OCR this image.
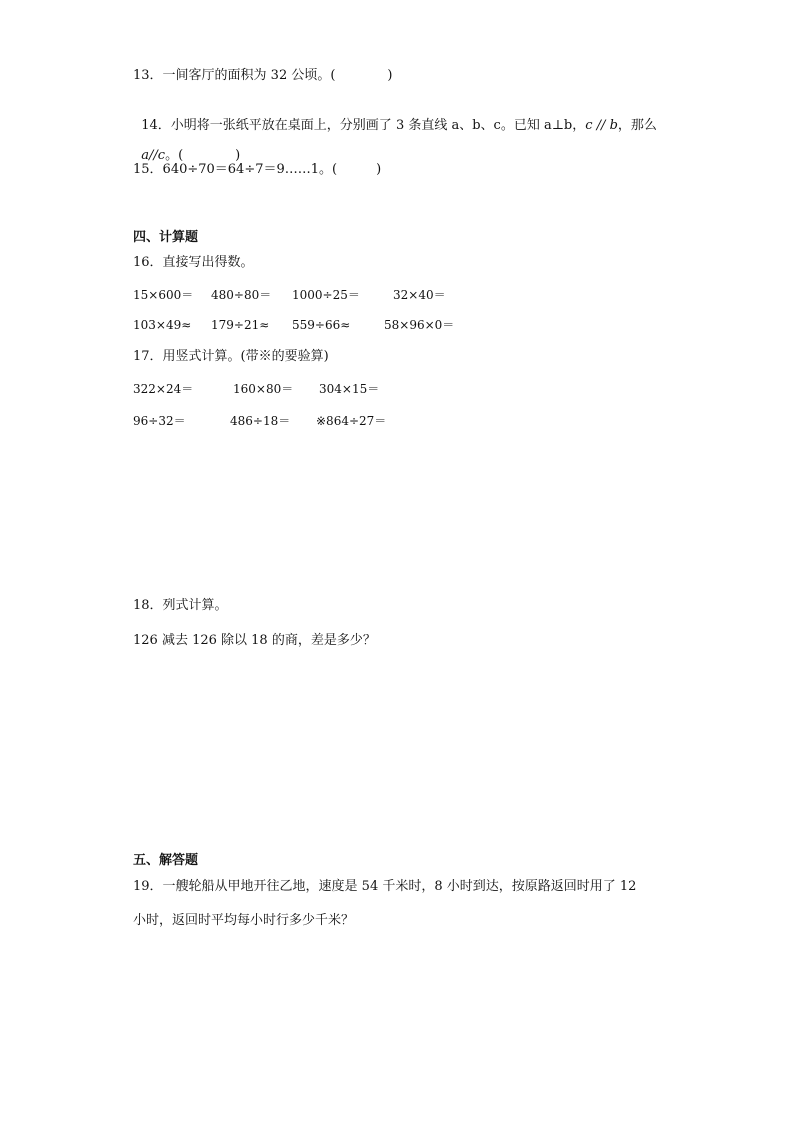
13．一间客厅的面积为 32 公顷。(　　　　)

14．小明将一张纸平放在桌面上，分别画了 3 条直线 a、b、c。已知 a⊥b，c // b，那么

a//c。(　　　　)

15．640÷70＝64÷7＝9……1。(　　　)
四、计算题
16．直接写出得数。
15×600＝ 480÷80＝ 1000÷25＝	32×40＝
103×49≈ 179÷21≈ 559÷66≈	58×96×0＝
17．用竖式计算。(带※的要验算)
322×24＝	160×80＝ 304×15＝
96÷32＝	486÷18＝ ※864÷27＝
18．列式计算。
126 减去 126 除以 18 的商，差是多少？
五、解答题
19．一艘轮船从甲地开往乙地，速度是 54 千米时，8 小时到达，按原路返回时用了 12
小时，返回时平均每小时行多少千米？
